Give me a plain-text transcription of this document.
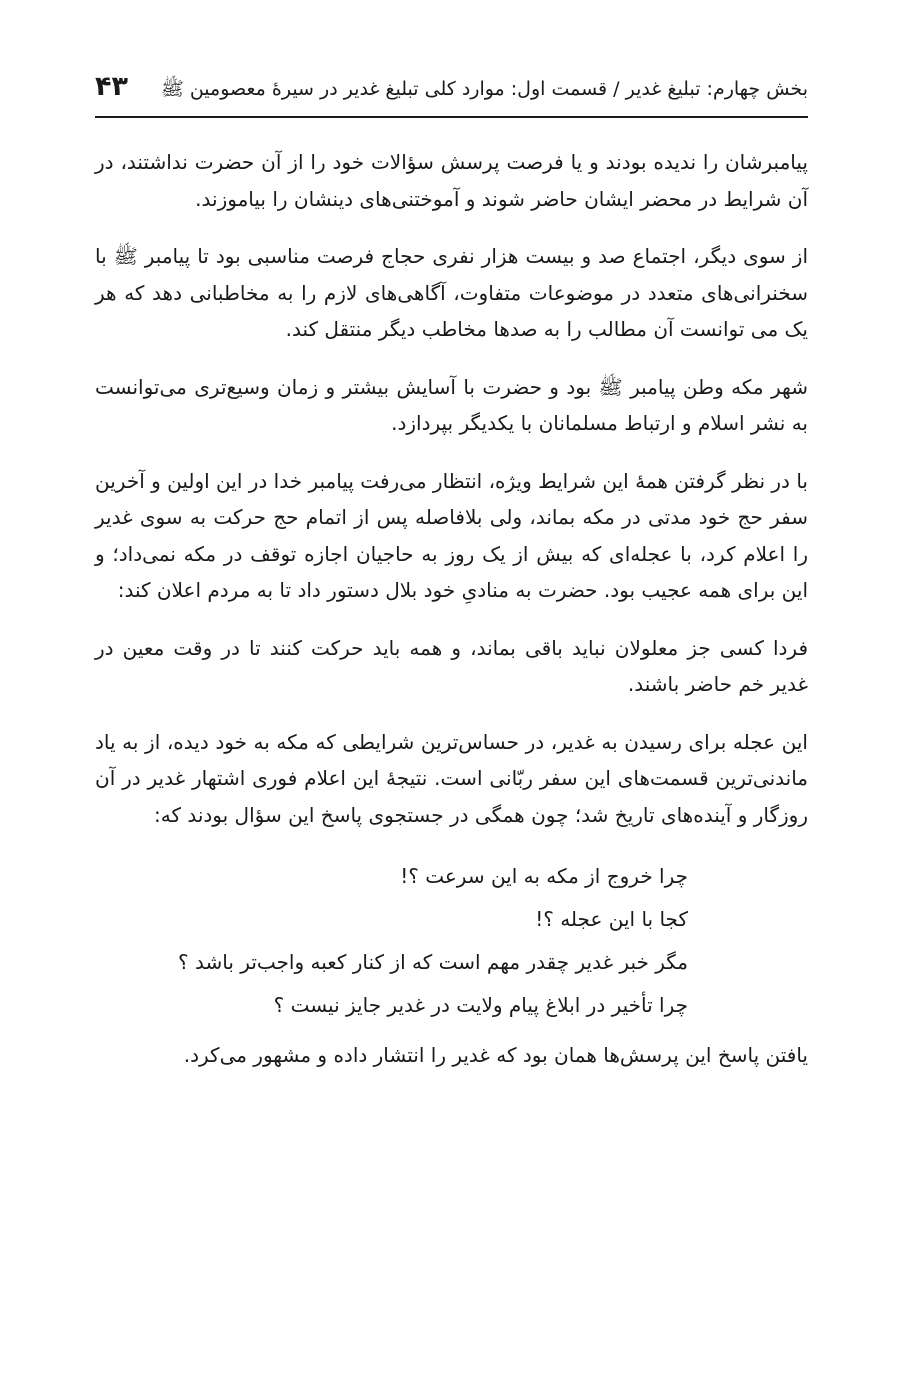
بخش چهارم: تبلیغ غدیر / قسمت اول: موارد کلی تبلیغ غدیر در سیرۀ معصومین ﷺ
۴۳

پیامبرشان را ندیده بودند و یا فرصت پرسش سؤالات خود را از آن حضرت نداشتند، در آن شرایط در محضر ایشان حاضر شوند و آموختنی‌های دینشان را بیاموزند.

از سوی دیگر، اجتماع صد و بیست هزار نفری حجاج فرصت مناسبی بود تا پیامبر ﷺ با سخنرانی‌های متعدد در موضوعات متفاوت، آگاهی‌های لازم را به مخاطبانی دهد که هر یک می توانست آن مطالب را به صدها مخاطب دیگر منتقل کند.

شهر مکه وطن پیامبر ﷺ بود و حضرت با آسایش بیشتر و زمان وسیع‌تری می‌توانست به نشر اسلام و ارتباط مسلمانان با یکدیگر بپردازد.

با در نظر گرفتن همۀ این شرایط ویژه، انتظار می‌رفت پیامبر خدا در این اولین و آخرین سفر حج خود مدتی در مکه بماند، ولی بلافاصله پس از اتمام حج حرکت به سوی غدیر را اعلام کرد، با عجله‌ای که بیش از یک روز به حاجیان اجازه توقف در مکه نمی‌داد؛ و این برای همه عجیب بود. حضرت به منادیِ خود بلال دستور داد تا به مردم اعلان کند:

فردا کسی جز معلولان نباید باقی بماند، و همه باید حرکت کنند تا در وقت معین در غدیر خم حاضر باشند.

این عجله برای رسیدن به غدیر، در حساس‌ترین شرایطی که مکه به خود دیده، از به یاد ماندنی‌ترین قسمت‌های این سفر ربّانی است. نتیجۀ این اعلام فوری اشتهار غدیر در آن روزگار و آینده‌های تاریخ شد؛ چون همگی در جستجوی پاسخ این سؤال بودند که:

چرا خروج از مکه به این سرعت ؟!
کجا با این عجله ؟!
مگر خبر غدیر چقدر مهم است که از کنار کعبه واجب‌تر باشد ؟
چرا تأخیر در ابلاغ پیام ولایت در غدیر جایز نیست ؟

یافتن پاسخ این پرسش‌ها همان بود که غدیر را انتشار داده و مشهور می‌کرد.
